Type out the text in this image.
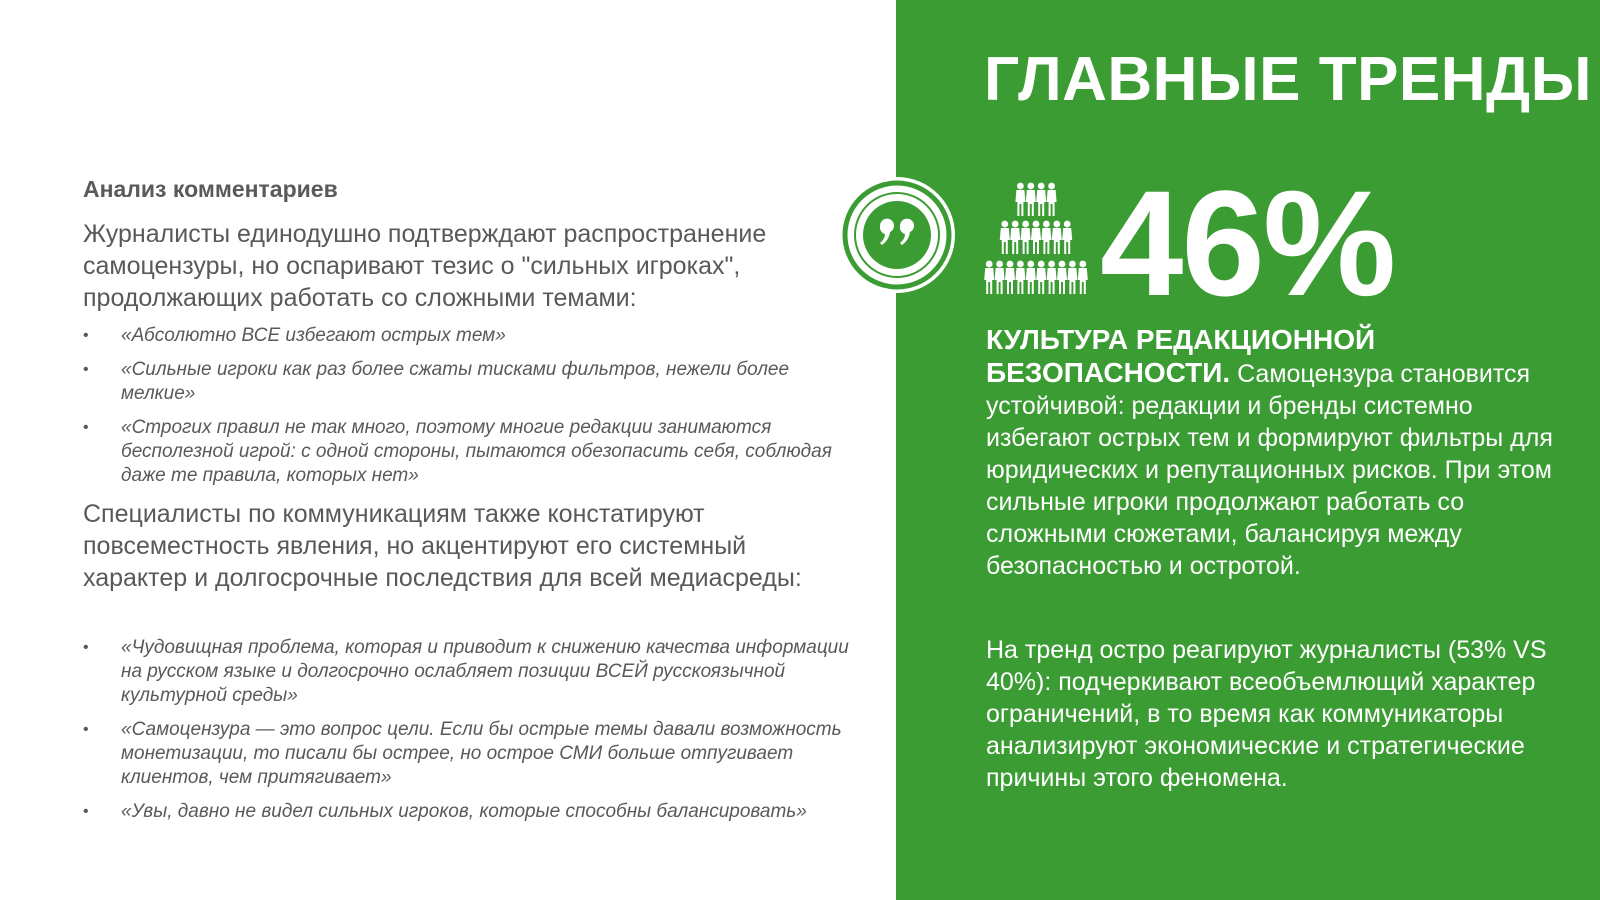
Анализ комментариев
Журналисты единодушно подтверждают распространение самоцензуры, но оспаривают тезис о "сильных игроках", продолжающих работать со сложными темами:
• «Абсолютно ВСЕ избегают острых тем»
• «Сильные игроки как раз более сжаты тисками фильтров, нежели более мелкие»
• «Строгих правил не так много, поэтому многие редакции занимаются бесполезной игрой: с одной стороны, пытаются обезопасить себя, соблюдая даже те правила, которых нет»
Специалисты по коммуникациям также констатируют повсеместность явления, но акцентируют его системный характер и долгосрочные последствия для всей медиасреды:
• «Чудовищная проблема, которая и приводит к снижению качества информации на русском языке и долгосрочно ослабляет позиции ВСЕЙ русскоязычной культурной среды»
• «Самоцензура — это вопрос цели. Если бы острые темы давали возможность монетизации, то писали бы острее, но острое СМИ больше отпугивает клиентов, чем притягивает»
• «Увы, давно не видел сильных игроков, которые способны балансировать»
ГЛАВНЫЕ ТРЕНДЫ
46%
КУЛЬТУРА РЕДАКЦИОННОЙ БЕЗОПАСНОСТИ. Самоцензура становится устойчивой: редакции и бренды системно избегают острых тем и формируют фильтры для юридических и репутационных рисков. При этом сильные игроки продолжают работать со сложными сюжетами, балансируя между безопасностью и остротой.
На тренд остро реагируют журналисты (53% VS 40%): подчеркивают всеобъемлющий характер ограничений, в то время как коммуникаторы анализируют экономические и стратегические причины этого феномена.
